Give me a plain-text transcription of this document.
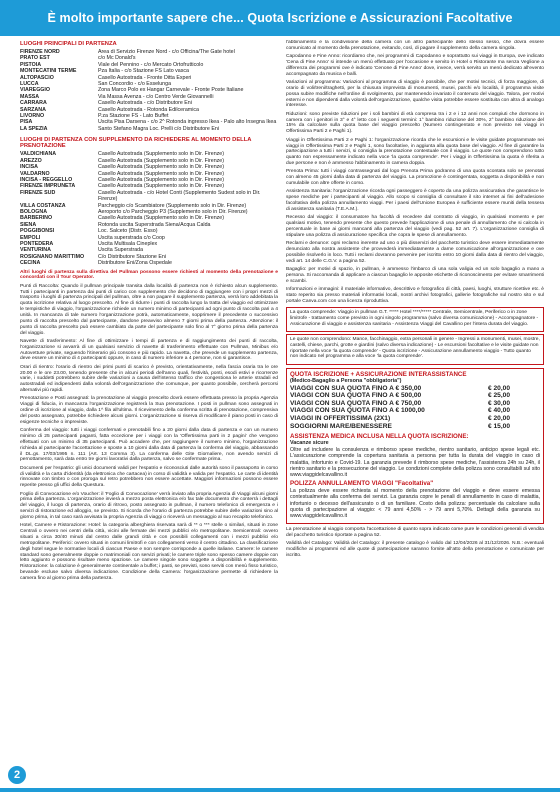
È molto importante sapere che... Quota Iscrizione e Assicurazioni Facoltative
LUOGHI PRINCIPALI DI PARTENZA
FIRENZE NORD	Area di Servizio Firenze Nord - c/o Officina/The Gate hotel
PRATO EST	c/o Mc Donald's
PISTOIA	Viale del Pennino - c/o Mercato Ortofrutticolo
MONTECATINI TERME	Pza Italia - c/o Stazione FS Lato vasca
ALTOPASCIO	Casello Autostrada - Fronte Ditta Experi
LUCCA	San Concordio - c/o Esselunga
VIAREGGIO	Zona Marco Polo ex Hangar Carnevale - Fronte Poste Italiane
MASSA	Via Massa Avenza - c/o Centro Verde Giovannelli
CARRARA	Casello Autostrada - c/o Distributore Eni
SARZANA	Casello Autostrada - Rotonda Edilceramica
LIVORNO	P.za Stazione FS - Lato Buffet
PISA	Uscita Pisa Darsena - c/o 2^ Rotonda ingresso Ikea - Palo alto Insegna Ikea
LA SPEZIA	Santo Stefano Magra Loc. Prelli c/o Distributore Eni
LUOGHI DI PARTENZA CON SUPPLEMENTO DA RICHIEDERE AL MOMENTO DELLA PRENOTAZIONE
VALDICHIANA	Casello Autostrada (Supplemento solo in Dir. Firenze)
AREZZO	Casello Autostrada (Supplemento solo in Dir. Firenze)
INCISA	Casello Autostrada (Supplemento solo in Dir. Firenze)
VALDARNO	Casello Autostrada (Supplemento solo in Dir. Firenze)
INCISA - REGGELLO	Casello Autostrada (Supplemento solo in Dir. Firenze)
FIRENZE IMPRUNETA	Casello Autostrada (Supplemento solo in Dir. Firenze)
FIRENZE SUD	Casello Autostrada - c/o Hotel Conti (Supplemento Sudest solo in Dir. Firenze)
VILLA COSTANZA	Parcheggio c/o Scambiatore (Supplemento solo in Dir. Firenze)
BOLOGNA	Aeroporto c/o Parcheggio P3 (Supplemento solo in Dir. Firenze)
BARBERINO	Casello Autostrada (Supplemento solo in Dir. Firenze)
SIENA	Rotonda uscita Superstrada Siena/Acqua Calda
POGGIBONSI	Loc. Salceto (Distr. Esso)
EMPOLI	Uscita superstrada c/o Coop
PONTEDERA	Uscita Multisala Cineplex
VENTURINA	Uscita Superstrada
ROSIGNANO MARITTIMO	C/o Distributore Stazione Eni
CECINA	Distributore Eni/Zona Ospedale

Altri luoghi di partenza sulla direttiva del Pullman possono essere richiesti al momento della prenotazione e concordati con il Tour Operator.

Punti di Raccolta: Quando il pullman principale transita dalla località di partenza non è richiesto alcun supplemento. Tutti i partecipanti in partenza dai punti di carico con supplemento che decidono di raggiungere con i propri mezzi di trasporto i luoghi di partenza principali del pullman, oltre a non pagare il supplemento partenza, verrà loro addebitata la quota iscrizione relativa al luogo prescelto. Al fine di ridurre i punti di raccolta lungo la tratta del viaggio ed ottimizzare le tempistiche di viaggio, l'organizzazione richiede un numero minimo di partecipanti ad ogni punto di raccolta pari a 4 unità. In mancanza di tale numero l'organizzazione potrà, automaticamente, sopprimere il precedente o successivo punto di raccolta prescelto dal partecipante, dandone preavviso almeno 7 giorni prima della partenza. Attenzione: il punto di raccolta prescelto può essere cambiato da parte del partecipante solo fino al 7° giorno prima della partenza del viaggio.

Navette di trasferimento: Al fine di ottimizzare i tempi di partenza e di raggiungimento dei punti di raccolta, l'organizzazione si avvarrà di un qualsiasi servizio di navette di trasferimento effettuate con Pullman, Minibus e/o Autovetture private, seguendo l'itinerario più consono e più rapido. La navetta, che prevede un supplemento partenza, deve essere un minimo di 4 partecipanti oppure, in caso di numero inferiore a 4 persone, non si garantisce.

Orari di rientro: l'orario di rientro dei primi punti di scarico è previsto, orientativamente, nella fascia oraria tra le ore 20.00 e le ore 23.00, tenendo presente che in alcuni periodi dell'anno quali, festività, ponti, esodi estivi e ricorrenze varie, i suddetti potrebbero subire delle variazioni a causa dell'intenso traffico che congestiona le arterie stradali ed autostradali ed indipendenti dalla volontà dell'organizzazione che comunque, per quanto possibile, cercherà percorsi alternativi più rapidi.

Prenotazione e Posti assegnati: la prenotazione al viaggio prescelto dovrà essere effettuata presso la propria Agenzia Viaggi di fiducia, in mancanza l'organizzazione registrerà la Sua prenotazione. I posti in pullman sono assegnati in ordine di iscrizione al viaggio, dalla 1^ fila all'ultima. Il ricevimento della conferma scritta di prenotazione, comprensiva del posto assegnato, potrebbe richiedere alcuni giorni. L'organizzazione si riserva di modificare il piano posti in caso di esigenze tecniche o impreviste.

Conferma del viaggio: tutti i viaggi confermati e prenotabili fino a 20 giorni dalla data di partenza e con un numero minimo di 25 partecipanti paganti, fatta eccezione per i viaggi con la 'Offertissima parti in 2 pagini' che vengono effettuati con un minimo di 35 partecipanti. Può accadere che, per raggiungere il numero minimo, l'organizzazione richieda al partecipante l'accettazione e sposte a 10 giorni dalla data di partenza la conferma del viaggio, abbassando il DL.gs. 17/03/1995 n. 111 (Art. 13 Comma 3). La conferma delle Gite Giornaliere, non avendo servizi di pernottamento, sarà data entro tre giorni lavorativi dalla partenza, salvo se confermate prima.

Documenti per l'espatrio: gli unici documenti validi per l'espatrio e riconosciuti dalle autorità sono il passaporto in corso di validità e la carta d'identità (da elettronica che cartacea) in corso di validità e valida per l'espatrio. Le carte di identità rinnovate con timbro o con proroga sul retro potrebbero non essere accettate. Maggiori informazioni possono essere reperite presso gli uffici della Questura.

Foglio di Convocazione e/o Voucher: il 'Foglio di Convocazione' verrà inviato alla propria Agenzia di Viaggi alcuni giorni prima della partenza. L'organizzazione invierà a mezzo posta elettronica e/o fax tale documento che conterrà i dettagli del viaggio, il luogo di partenza, orario di ritrovo, posto assegnato in pullman, il numero telefonico di emergenza e i servizi di ristorazione ed alloggio, se previsto. Si ricorda che l'orario di partenza potrebbe subire delle variazioni sino al giorno prima, in tal caso sarà avvisata la propria Agenzia di viaggi o riceverà un messaggio al suo recapito telefonico.

Hotel, Camere e Ristorazione: Hotel: la categoria alberghiera riservata sarà di ** o *** stelle o similari, situati in zone Centrali o ovvero nei centri della città, vicini alle fermate dei mezzi pubblici e/o metropolitane. Semicentrali: ovvero situati a circa 30/40 minuti dal centro dalle grandi città e con possibili collegamenti con i mezzi pubblici e/o metropolitane. Periferici: ovvero situati in comuni limitrofi e con collegamenti verso il centro cittadino. La classificazione degli hotel segue le normative locali di ciascun Paese e non sempre corrisponde a quelle italiane. Camere: le camere standard sono generalmente doppie o matrimoniali con servizi privati; le camere triple sono spesso camere doppie con letto aggiunto e possono risultare meno spaziose. Le camere singole sono soggette a disponibilità e supplemento. Ristorazione: la colazione è generalmente continentale a buffet; i pasti, se previsti, sono serviti con menù fisso turistico, bevande escluse salvo diversa indicazione. Condizione della Camera: l'organizzazione permette di richiedere la camera fino al giorno prima della partenza.

l'abbinamento e la condivisione della camera con un altro partecipante dello stesso sesso, che dovrà essere comunicato al momento della prenotazione, evitando, così, di pagare il supplemento della camera singola.

Capodanno e Fine Anno: ricordiamo che, nei programmi di Capodanno e soprattutto sui viaggi in Europa, ove indicato 'Cena di Fine Anno' si intende un menù effettuato per l'occasione e servito in Hotel o Ristorante ma senza Veglione a differenza dei programmi ove è indicato 'Cenone di Fine Anno' dove, invece, verrà servito un menù dedicato all'evento accompagnato da musica e balli.

Variazioni al programma: Variazioni al programma di viaggio è possibile, che per motivi tecnici, di forza maggiore, di orario di voli/treni/traghetti, per la chiusura imprevista di monumenti, musei, parchi e/o località, il programma visite possa subire modifiche nell'ordine di svolgimento, pur mantenendo invariato il contenuto del viaggio. Talora, per motivi esterni e non dipendenti dalla volontà dell'organizzazione, qualche visita potrebbe essere sostituita con altra di analogo interesse.

Riduzioni: sono previste riduzioni per i soli bambini di età compresa tra i 2 e i 12 anni non compiuti che dormono in camera con i genitori in 3° e 4° letto con i seguenti termini: 1° bambino riduzione del 30%, 2° bambino riduzione del 15% da calcolare sulla quota base del viaggio prescelto (Numero contingentato e non previsto nei viaggi in Offertissima Parti 2 e Paghi 1).

Viaggi in Offertissima Parti 2 e Paghi 1: l'organizzazione ricorda che le escursioni e le visite guidate programmate nei viaggi in Offertissima Parti 2 e Paghi 1, sono facoltative, in aggiunta alla quota base del viaggio. Al fine di garantire la partecipazione a tutti i servizi, si consiglia la prenotazione contestuale con il viaggio. Le quote non comprendono tutto quanto non espressamente indicato nella voce 'la quota comprende'. Per i viaggi in Offertissima la quota è riferita a due persone e non è ammesso l'abbinamento in camera doppia.

Prenota Prima: tutti i viaggi contrassegnati dal logo Prenota Prima godranno di una quota scontata solo se prenotati con almeno 45 giorni dalla data di partenza del viaggio. La promozione è contingentata, soggetta a disponibilità e non cumulabile con altre offerte in corso.

Assistenza Sanitaria: l'organizzazione ricorda ogni passeggero è coperto da una polizza assicurativa che garantisce le spese mediche per i partecipanti al viaggio. Allo scopo si consiglia di consultare il sito internet ai fini dell'adesione facoltativa della polizza annullamento viaggi. Per i paesi dell'Unione Europea è sufficiente essere muniti della tessera di assistenza sanitaria (T.E.A.M.).

Recesso dal viaggio: il consumatore ha facoltà di recedere dal contratto di viaggio, in qualsiasi momento e per qualsiasi motivo, tenendo presente che questo prevede l'applicazione di una penale di annullamento che si calcola in percentuale in base ai giorni mancanti alla partenza del viaggio (vedi pag. 52 art. 7). L'organizzazione consiglia di stipulare una polizza di assicurazione specifica che copra le spese di annullamento.

Reclami e denunce: ogni reclamo inerente ad uno o più disservizi del pacchetto turistico deve essere immediatamente denunciato alla nostra assistente che provvederà immediatamente a darne comunicazione all'organizzazione e ove possibile risolverlo in loco. Tutti i reclami dovranno pervenire per iscritto entro 10 giorni dalla data di rientro del viaggio, vedi art. 14 delle C.G.V. a pagina 52.

Bagaglio: per motivi di spazio, in pullman, è ammesso l'imbarco di una sola valigia ed un solo bagaglio a mano a persona. Si raccomanda di applicare a ciascun bagaglio le apposite etichette di riconoscimento per evitare smarrimenti e scambi.

Informazioni e immagini: il materiale informativo, descrittivo e fotografico di città, paesi, luoghi, strutture ricettive etc. è stato reperito sia presso materiali informativi locali, nostri archivi fotografici, gallerie fotografiche sul nostro sito e sul portale Canva.com con una licenza riproduttiva.

La quota comprende: Viaggio in pullman G.T. ***** Hotel ****/***** Centrale, Semicentrale, Periferico o in zone limitrofe - trattamento come previsto in ogni singolo programma (salvo diversa comunicazione) - Accompagnatore - Assicurazione di viaggio e assistenza sanitaria - Assistenza Viaggi del Cavallino per l'intera durata del viaggio.

Le quote non comprendono: Mance, facchinaggio, extra personali in genere - Ingressi a monumenti, musei, mostre, castelli, chiese, parchi, grotte e giardini (salvo diversa indicazione) - Le escursioni facoltative e le visite guidate non riportate nella voce 'la quota comprende' - Quota iscrizione - Assicurazione annullamento viaggio - Tutto quanto non indicato nel programma e alla voce 'la quota comprende'.

QUOTA ISCRIZIONE + ASSICURAZIONE INTERASSISTANCE
(Medico-Bagaglio a Persona "obbligatoria")
VIAGGI CON SUA QUOTA FINO A € 350,00	€ 20,00
VIAGGI CON SUA QUOTA FINO A € 500,00	€ 25,00
VIAGGI CON SUA QUOTA FINO A € 750,00	€ 30,00
VIAGGI CON SUA QUOTA FINO A € 1000,00	€ 40,00
VIAGGI IN OFFERTISSIMA (2X1)	€ 20,00
SOGGIORNI MARE/BENESSERE	€ 15,00
ASSISTENZA MEDICA INCLUSA NELLA QUOTA ISCRIZIONE:
Vacanze sicure

Oltre ad includere la consulenza e rimborso spese mediche, rientro sanitario, anticipo spese legali etc. L'assicurazione comprende la copertura sanitaria a persona per tutta la durata del viaggio in caso di malattia, infortunio e Covid-19. La garanzia prevede il rimborso spese mediche, l'assistenza 24h su 24h, il rientro sanitario e la prosecuzione del viaggio. Le condizioni complete della polizza sono consultabili sul sito www.viaggidelcavallino.it

POLIZZA ANNULLAMENTO VIAGGI "Facoltativa"

La polizza deve essere richiesta al momento della prenotazione del viaggio e deve essere emessa contestualmente alla conferma dei servizi. La garanzia copre le penali di annullamento in caso di malattia, infortunio o decesso dell'assicurato o di un familiare. Costo della polizza: percentuale da calcolare sulla quota di partecipazione al viaggio: < 79 anni 4,50% - > 79 anni 5,70%. Dettagli della garanzia su www.viaggidelcavallino.it

La prenotazione al viaggio comporta l'accettazione di quanto sopra indicato come pure le condizioni generali di vendita del pacchetto turistico riportate a pagina 52.

Validità del Catalogo: Validità del Catalogo: il presente catalogo è valido dal 12/04/2026 al 31/12/2026. N.B.: eventuali modifiche ai programmi ed alle quote di partecipazione saranno fornite all'atto della prenotazione e comunicate per iscritto.

2
